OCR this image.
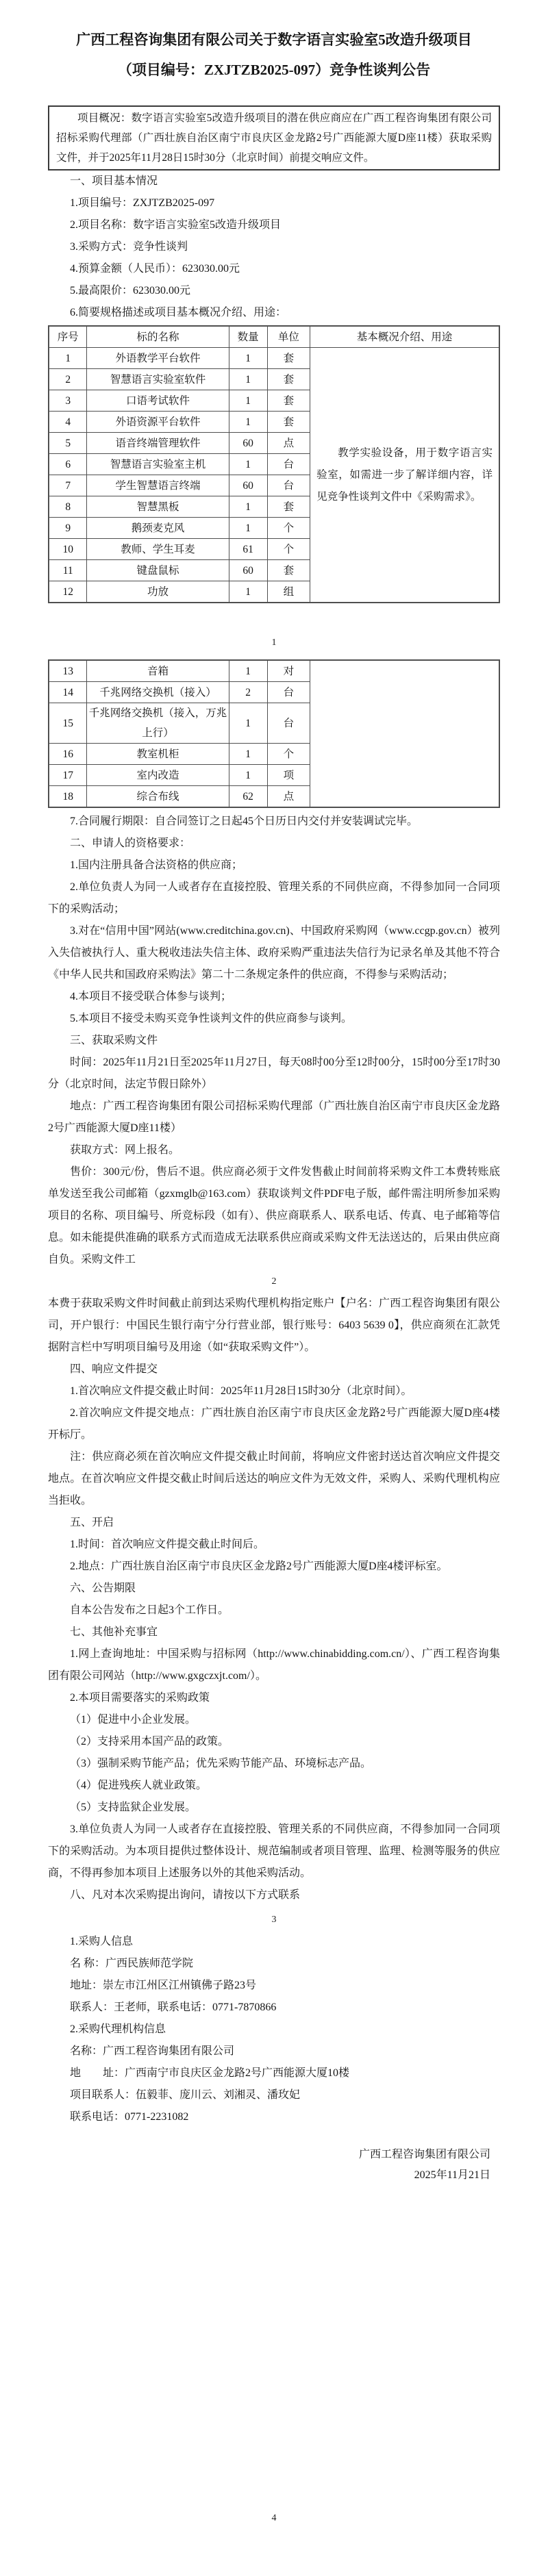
广西工程咨询集团有限公司关于数字语言实验室5改造升级项目

（项目编号：ZXJTZB2025-097）竞争性谈判公告

项目概况：数字语言实验室5改造升级项目的潜在供应商应在广西工程咨询集团有限公司招标采购代理部（广西壮族自治区南宁市良庆区金龙路2号广西能源大厦D座11楼）获取采购文件，并于2025年11月28日15时30分（北京时间）前提交响应文件。

一、项目基本情况

1.项目编号：ZXJTZB2025-097

2.项目名称：数字语言实验室5改造升级项目

3.采购方式：竞争性谈判

4.预算金额（人民币）：623030.00元

5.最高限价：623030.00元

6.简要规格描述或项目基本概况介绍、用途：

序号	标的名称	数量	单位	基本概况介绍、用途
1	外语教学平台软件	1	套	教学实验设备，用于数字语言实验室，如需进一步了解详细内容，详见竞争性谈判文件中《采购需求》。

2	智慧语言实验室软件	1	套	
3	口语考试软件	1	套	
4	外语资源平台软件	1	套	
5	语音终端管理软件	60	点	
6	智慧语言实验室主机	1	台	
7	学生智慧语言终端	60	台	
8	智慧黑板	1	套	
9	鹅颈麦克风	1	个	
10	教师、学生耳麦	61	个	
11	键盘鼠标	60	套	
12	功放	1	组	

1

13	音箱	1	对	
14	千兆网络交换机（接入）	2	台	
15	千兆网络交换机（接入，万兆上行）	1	台	
16	教室机柜	1	个	
17	室内改造	1	项	
18	综合布线	62	点	

7.合同履行期限：自合同签订之日起45个日历日内交付并安装调试完毕。

二、申请人的资格要求：

1.国内注册具备合法资格的供应商；

2.单位负责人为同一人或者存在直接控股、管理关系的不同供应商，不得参加同一合同项下的采购活动；

3.对在“信用中国”网站(www.creditchina.gov.cn)、中国政府采购网（www.ccgp.gov.cn）被列入失信被执行人、重大税收违法失信主体、政府采购严重违法失信行为记录名单及其他不符合《中华人民共和国政府采购法》第二十二条规定条件的供应商，不得参与采购活动；

4.本项目不接受联合体参与谈判；

5.本项目不接受未购买竞争性谈判文件的供应商参与谈判。

三、获取采购文件

时间：2025年11月21日至2025年11月27日，每天08时00分至12时00分，15时00分至17时30分（北京时间，法定节假日除外）

地点：广西工程咨询集团有限公司招标采购代理部（广西壮族自治区南宁市良庆区金龙路2号广西能源大厦D座11楼）

获取方式：网上报名。

售价：300元/份，售后不退。供应商必须于文件发售截止时间前将采购文件工本费转账底单发送至我公司邮箱（gzxmglb@163.com）获取谈判文件PDF电子版，邮件需注明所参加采购项目的名称、项目编号、所竞标段（如有）、供应商联系人、联系电话、传真、电子邮箱等信息。如未能提供准确的联系方式而造成无法联系供应商或采购文件无法送达的，后果由供应商自负。采购文件工

2

本费于获取采购文件时间截止前到达采购代理机构指定账户【户名：广西工程咨询集团有限公司，开户银行：中国民生银行南宁分行营业部，银行账号：6403 5639 0】，供应商须在汇款凭据附言栏中写明项目编号及用途（如“获取采购文件”）。

四、响应文件提交

1.首次响应文件提交截止时间：2025年11月28日15时30分（北京时间）。

2.首次响应文件提交地点：广西壮族自治区南宁市良庆区金龙路2号广西能源大厦D座4楼开标厅。

注：供应商必须在首次响应文件提交截止时间前，将响应文件密封送达首次响应文件提交地点。在首次响应文件提交截止时间后送达的响应文件为无效文件，采购人、采购代理机构应当拒收。

五、开启

1.时间：首次响应文件提交截止时间后。

2.地点：广西壮族自治区南宁市良庆区金龙路2号广西能源大厦D座4楼评标室。

六、公告期限

自本公告发布之日起3个工作日。

七、其他补充事宜

1.网上查询地址：中国采购与招标网（http://www.chinabidding.com.cn/）、广西工程咨询集团有限公司网站（http://www.gxgczxjt.com/）。

2.本项目需要落实的采购政策

（1）促进中小企业发展。

（2）支持采用本国产品的政策。

（3）强制采购节能产品；优先采购节能产品、环境标志产品。

（4）促进残疾人就业政策。

（5）支持监狱企业发展。

3.单位负责人为同一人或者存在直接控股、管理关系的不同供应商，不得参加同一合同项下的采购活动。为本项目提供过整体设计、规范编制或者项目管理、监理、检测等服务的供应商，不得再参加本项目上述服务以外的其他采购活动。

八、凡对本次采购提出询问，请按以下方式联系

3

1.采购人信息

名 称：广西民族师范学院

地址：崇左市江州区江州镇佛子路23号

联系人：王老师，联系电话：0771-7870866

2.采购代理机构信息

名称：广西工程咨询集团有限公司

地　　址：广西南宁市良庆区金龙路2号广西能源大厦10楼

项目联系人：伍毅菲、庞川云、刘湘灵、潘玫妃

联系电话：0771-2231082

广西工程咨询集团有限公司

2025年11月21日

4
